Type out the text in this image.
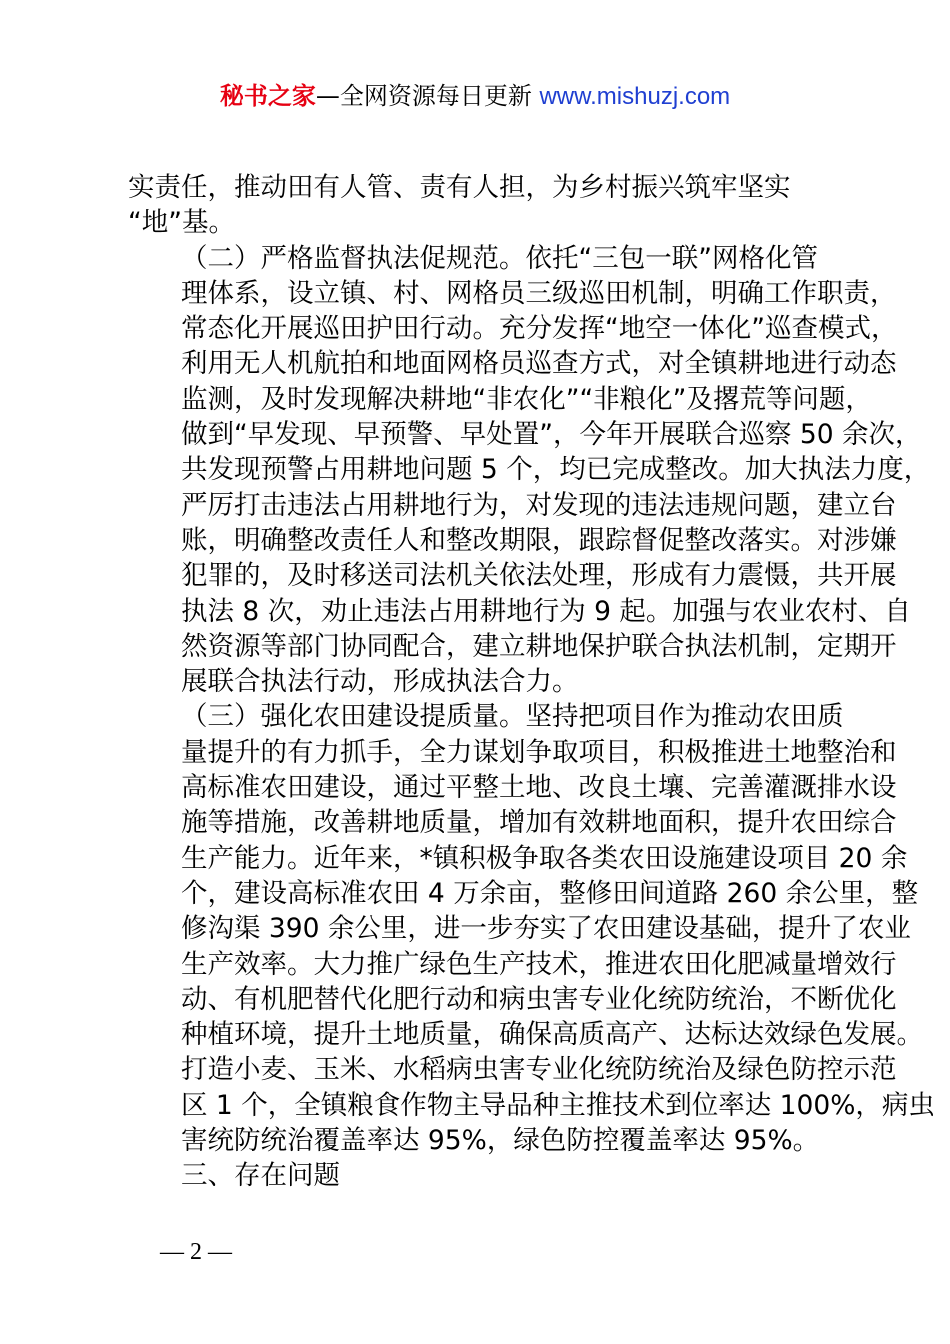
秘书之家—全网资源每日更新 www.mishuzj.com

实责任，推动田有人管、责有人担，为乡村振兴筑牢坚实
“地”基。

（二）严格监督执法促规范。依托“三包一联”网格化管
理体系，设立镇、村、网格员三级巡田机制，明确工作职责，
常态化开展巡田护田行动。充分发挥“地空一体化”巡查模式，
利用无人机航拍和地面网格员巡查方式，对全镇耕地进行动态
监测，及时发现解决耕地“非农化”“非粮化”及撂荒等问题，
做到“早发现、早预警、早处置”，今年开展联合巡察 50 余次，
共发现预警占用耕地问题 5 个，均已完成整改。加大执法力度，
严厉打击违法占用耕地行为，对发现的违法违规问题，建立台
账，明确整改责任人和整改期限，跟踪督促整改落实。对涉嫌
犯罪的，及时移送司法机关依法处理，形成有力震慑，共开展
执法 8 次，劝止违法占用耕地行为 9 起。加强与农业农村、自
然资源等部门协同配合，建立耕地保护联合执法机制，定期开
展联合执法行动，形成执法合力。

（三）强化农田建设提质量。坚持把项目作为推动农田质
量提升的有力抓手，全力谋划争取项目，积极推进土地整治和
高标准农田建设，通过平整土地、改良土壤、完善灌溉排水设
施等措施，改善耕地质量，增加有效耕地面积，提升农田综合
生产能力。近年来，*镇积极争取各类农田设施建设项目 20 余
个，建设高标准农田 4 万余亩，整修田间道路 260 余公里，整
修沟渠 390 余公里，进一步夯实了农田建设基础，提升了农业
生产效率。大力推广绿色生产技术，推进农田化肥减量增效行
动、有机肥替代化肥行动和病虫害专业化统防统治，不断优化
种植环境，提升土地质量，确保高质高产、达标达效绿色发展。
打造小麦、玉米、水稻病虫害专业化统防统治及绿色防控示范
区 1 个，全镇粮食作物主导品种主推技术到位率达 100%，病虫
害统防统治覆盖率达 95%，绿色防控覆盖率达 95%。

三、存在问题

— 2 —
